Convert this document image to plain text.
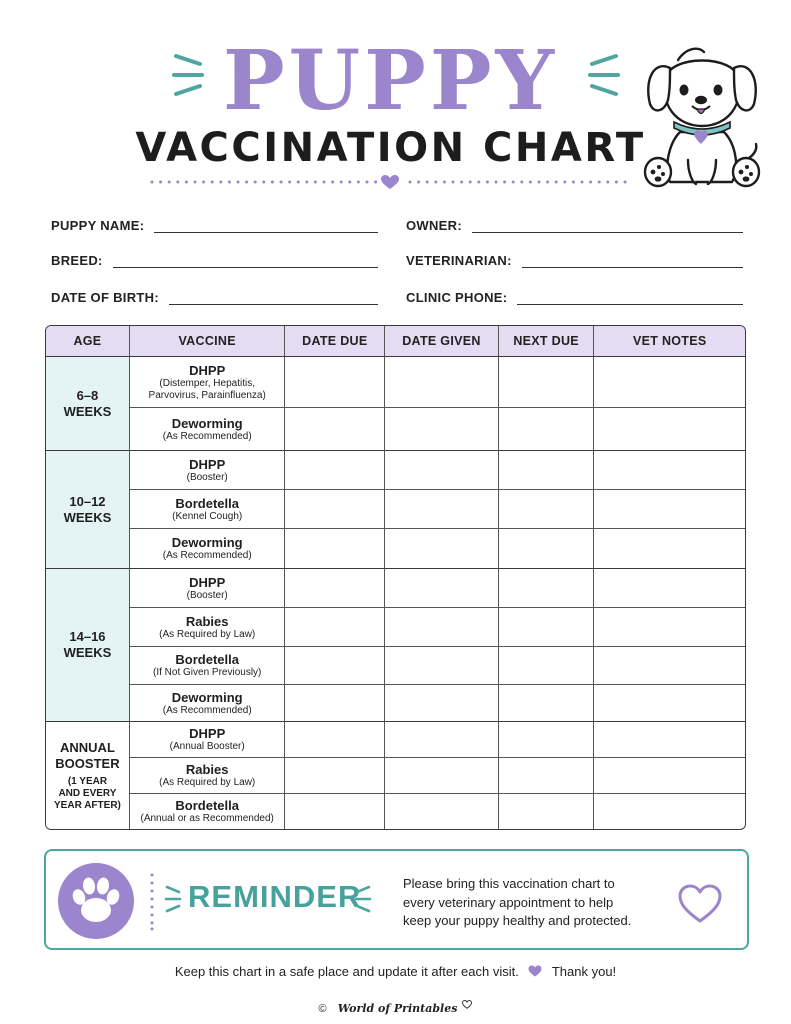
PUPPY
VACCINATION CHART
PUPPY NAME:	OWNER:
BREED:	VETERINARIAN:
DATE OF BIRTH:	CLINIC PHONE:
AGE	VACCINE	DATE DUE	DATE GIVEN	NEXT DUE	VET NOTES

6–8
WEEKS	DHPP
(Distemper, Hepatitis,
Parvovirus, Parainfluenza)				

	Deworming
(As Recommended)				

10–12
WEEKS	DHPP
(Booster)				

	Bordetella
(Kennel Cough)				

	Deworming
(As Recommended)				

14–16
WEEKS	DHPP
(Booster)				

	Rabies
(As Required by Law)				

	Bordetella
(If Not Given Previously)				

	Deworming
(As Recommended)				

ANNUAL
BOOSTER
(1 YEAR
AND EVERY
YEAR AFTER)	DHPP
(Annual Booster)				

	Rabies
(As Required by Law)				

	Bordetella
(Annual or as Recommended)				

REMINDER	Please bring this vaccination chart to
every veterinary appointment to help
keep your puppy healthy and protected.
Keep this chart in a safe place and update it after each visit.	Thank you!
© World of Printables
